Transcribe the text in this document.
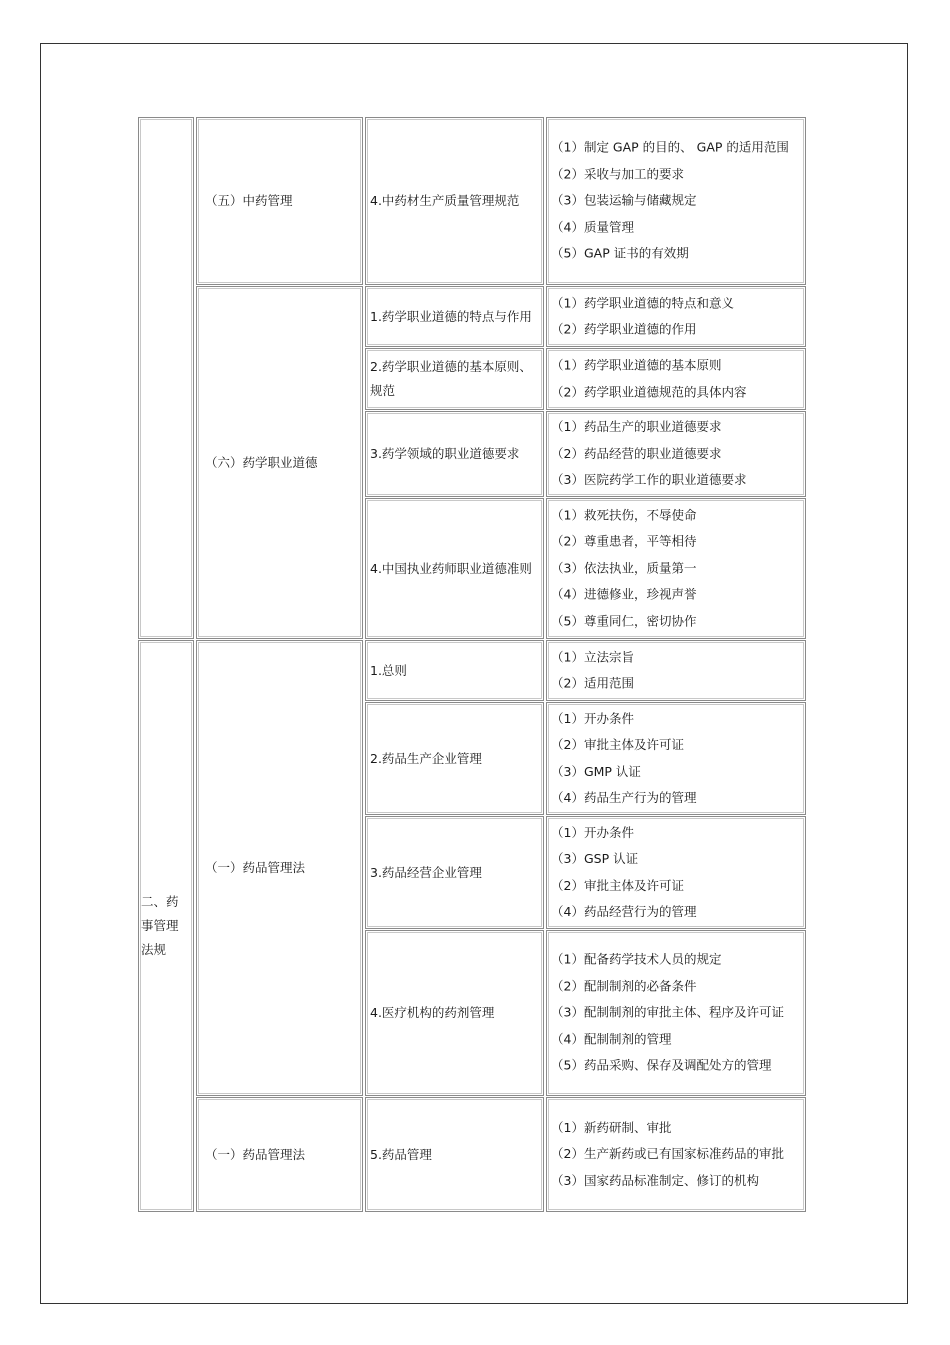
二、药事管理法规
（五）中药管理
（六）药学职业道德
（一）药品管理法
（一）药品管理法
4.中药材生产质量管理规范
1.药学职业道德的特点与作用
2.药学职业道德的基本原则、规范
3.药学领域的职业道德要求
4.中国执业药师职业道德准则
1.总则
2.药品生产企业管理
3.药品经营企业管理
4.医疗机构的药剂管理
5.药品管理
（1）制定 GAP 的目的、 GAP 的适用范围
（2）采收与加工的要求
（3）包装运输与储藏规定
（4）质量管理
（5）GAP 证书的有效期
（1）药学职业道德的特点和意义
（2）药学职业道德的作用
（1）药学职业道德的基本原则
（2）药学职业道德规范的具体内容
（1）药品生产的职业道德要求
（2）药品经营的职业道德要求
（3）医院药学工作的职业道德要求
（1）救死扶伤，不辱使命
（2）尊重患者，平等相待
（3）依法执业，质量第一
（4）进德修业，珍视声誉
（5）尊重同仁，密切协作
（1）立法宗旨
（2）适用范围
（1）开办条件
（2）审批主体及许可证
（3）GMP 认证
（4）药品生产行为的管理
（1）开办条件
（3）GSP 认证
（2）审批主体及许可证
（4）药品经营行为的管理
（1）配备药学技术人员的规定
（2）配制制剂的必备条件
（3）配制制剂的审批主体、程序及许可证
（4）配制制剂的管理
（5）药品采购、保存及调配处方的管理
（1）新药研制、审批
（2）生产新药或已有国家标准药品的审批
（3）国家药品标准制定、修订的机构
